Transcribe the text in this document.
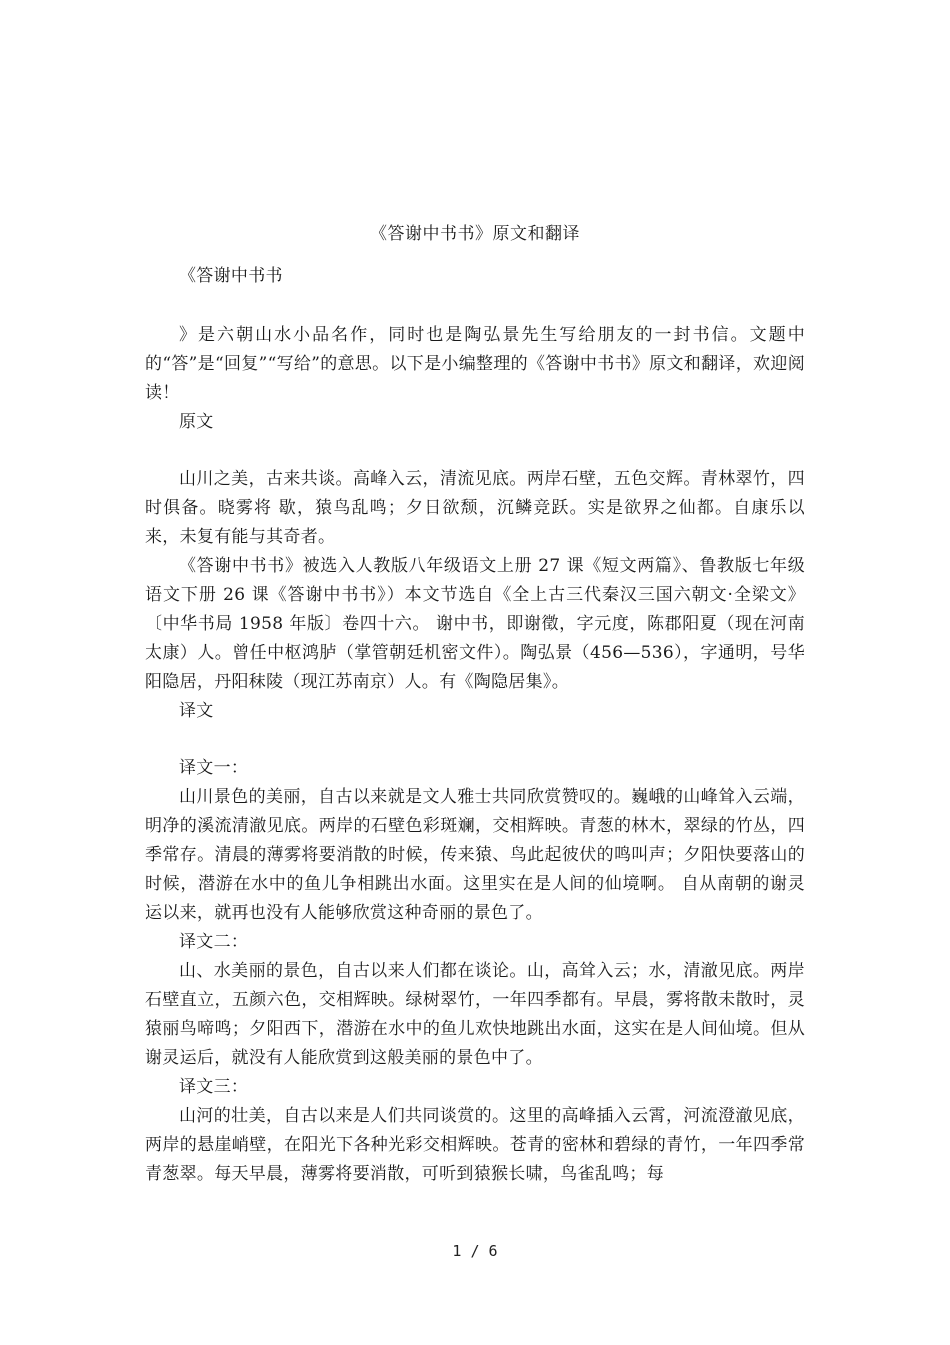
《答谢中书书》原文和翻译

《答谢中书书

》是六朝山水小品名作，同时也是陶弘景先生写给朋友的一封书信。文题中的“答”是“回复”“写给”的意思。以下是小编整理的《答谢中书书》原文和翻译，欢迎阅读！

原文

山川之美，古来共谈。高峰入云，清流见底。两岸石壁，五色交辉。青林翠竹，四时俱备。晓雾将 歇，猿鸟乱鸣；夕日欲颓，沉鳞竞跃。实是欲界之仙都。自康乐以来，未复有能与其奇者。

《答谢中书书》被选入人教版八年级语文上册 27 课《短文两篇》、鲁教版七年级语文下册 26 课《答谢中书书》）本文节选自《全上古三代秦汉三国六朝文·全梁文》〔中华书局 1958 年版〕卷四十六。 谢中书，即谢徵，字元度，陈郡阳夏（现在河南太康）人。曾任中枢鸿胪（掌管朝廷机密文件）。陶弘景（456—536），字通明，号华阳隐居，丹阳秣陵（现江苏南京）人。有《陶隐居集》。

译文

译文一：

山川景色的美丽，自古以来就是文人雅士共同欣赏赞叹的。巍峨的山峰耸入云端，明净的溪流清澈见底。两岸的石壁色彩斑斓，交相辉映。青葱的林木，翠绿的竹丛，四季常存。清晨的薄雾将要消散的时候，传来猿、鸟此起彼伏的鸣叫声；夕阳快要落山的时候，潜游在水中的鱼儿争相跳出水面。这里实在是人间的仙境啊。 自从南朝的谢灵运以来，就再也没有人能够欣赏这种奇丽的景色了。

译文二：

山、水美丽的景色，自古以来人们都在谈论。山，高耸入云；水，清澈见底。两岸石壁直立，五颜六色，交相辉映。绿树翠竹，一年四季都有。早晨，雾将散未散时，灵猿丽鸟啼鸣；夕阳西下，潜游在水中的鱼儿欢快地跳出水面，这实在是人间仙境。但从谢灵运后，就没有人能欣赏到这般美丽的景色中了。

译文三：

山河的壮美，自古以来是人们共同谈赏的。这里的高峰插入云霄，河流澄澈见底，两岸的悬崖峭壁，在阳光下各种光彩交相辉映。苍青的密林和碧绿的青竹，一年四季常青葱翠。每天早晨，薄雾将要消散，可听到猿猴长啸，鸟雀乱鸣；每

1 / 6
